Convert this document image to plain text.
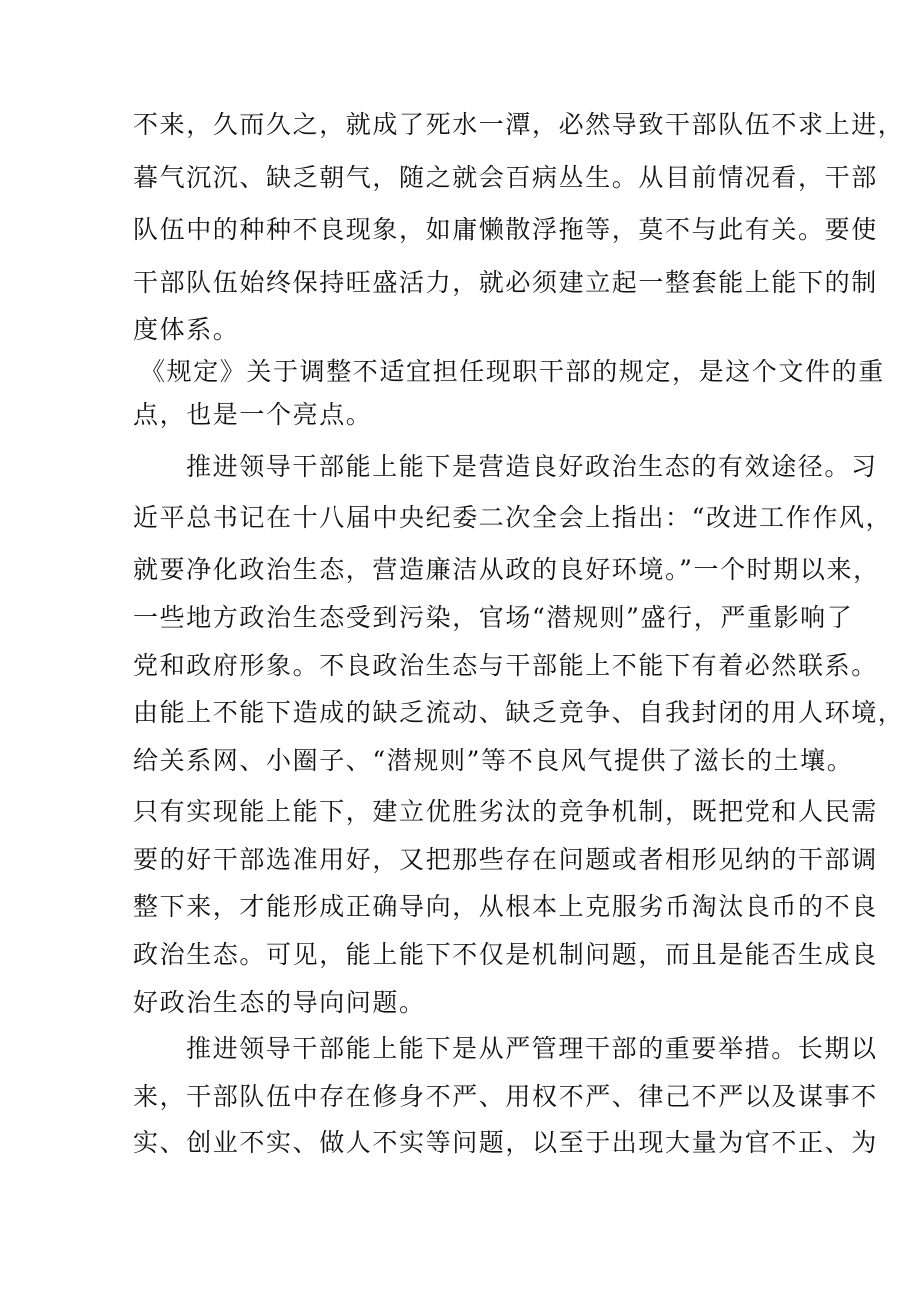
不来，久而久之，就成了死水一潭，必然导致干部队伍不求上进，
暮气沉沉、缺乏朝气，随之就会百病丛生。从目前情况看，干部
队伍中的种种不良现象，如庸懒散浮拖等，莫不与此有关。要使
干部队伍始终保持旺盛活力，就必须建立起一整套能上能下的制
度体系。
《规定》关于调整不适宜担任现职干部的规定，是这个文件的重
点，也是一个亮点。
推进领导干部能上能下是营造良好政治生态的有效途径。习
近平总书记在十八届中央纪委二次全会上指出：“改进工作作风，
就要净化政治生态，营造廉洁从政的良好环境。”一个时期以来，
一些地方政治生态受到污染，官场“潜规则”盛行，严重影响了
党和政府形象。不良政治生态与干部能上不能下有着必然联系。
由能上不能下造成的缺乏流动、缺乏竞争、自我封闭的用人环境，
给关系网、小圈子、“潜规则”等不良风气提供了滋长的土壤。
只有实现能上能下，建立优胜劣汰的竞争机制，既把党和人民需
要的好干部选准用好，又把那些存在问题或者相形见纳的干部调
整下来，才能形成正确导向，从根本上克服劣币淘汰良币的不良
政治生态。可见，能上能下不仅是机制问题，而且是能否生成良
好政治生态的导向问题。
推进领导干部能上能下是从严管理干部的重要举措。长期以
来，干部队伍中存在修身不严、用权不严、律己不严以及谋事不
实、创业不实、做人不实等问题，以至于出现大量为官不正、为
